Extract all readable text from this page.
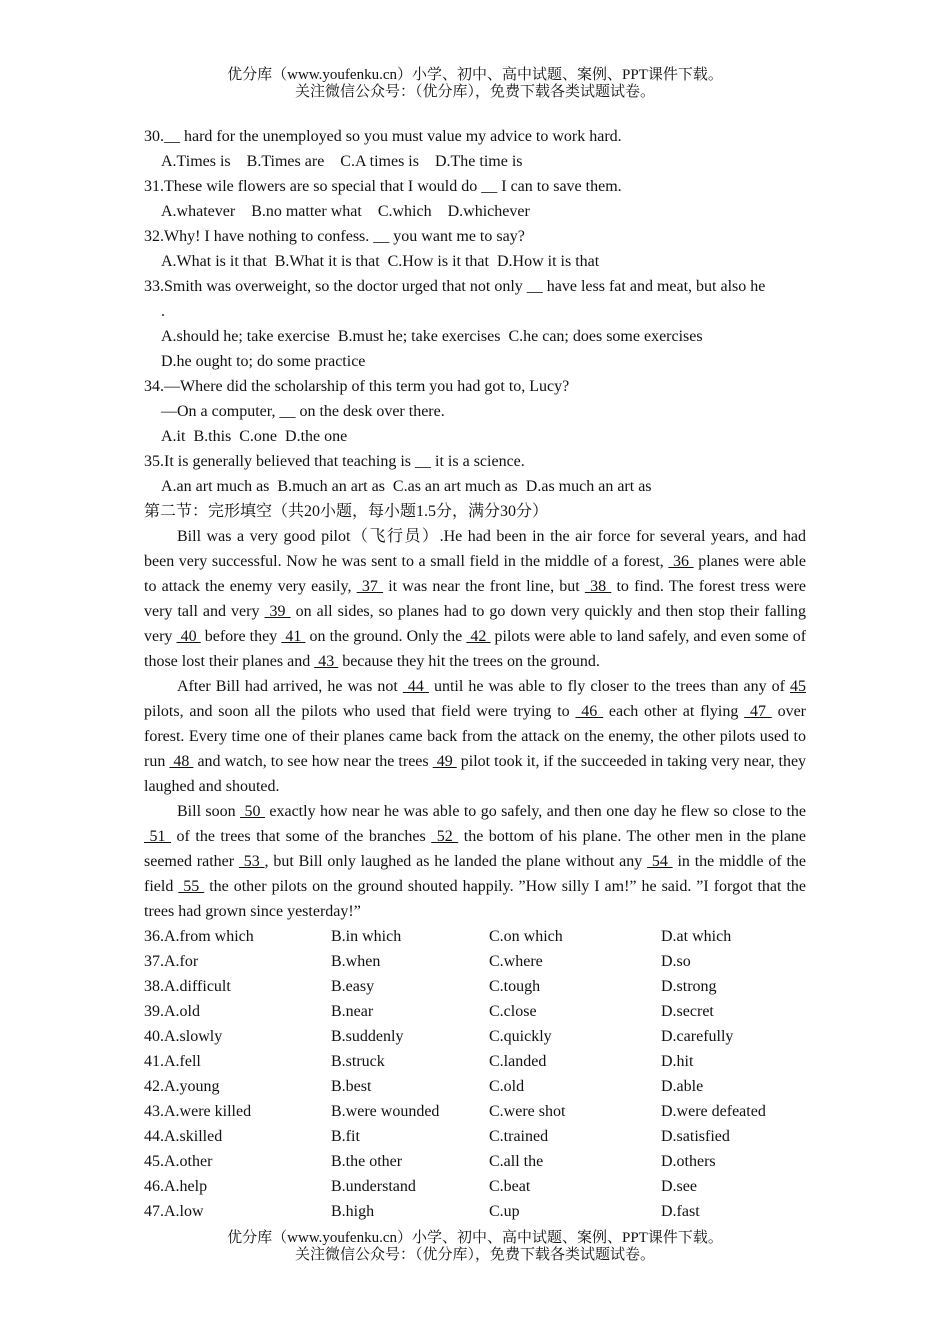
优分库（www.youfenku.cn）小学、初中、高中试题、案例、PPT课件下载。
关注微信公众号：（优分库），免费下载各类试题试卷。
30.__ hard for the unemployed so you must value my advice to work hard.
A.Times is    B.Times are    C.A times is    D.The time is
31.These wile flowers are so special that I would do __ I can to save them.
A.whatever    B.no matter what    C.which    D.whichever
32.Why! I have nothing to confess. __ you want me to say?
A.What is it that  B.What it is that  C.How is it that  D.How it is that
33.Smith was overweight, so the doctor urged that not only __ have less fat and meat, but also he
.
A.should he; take exercise  B.must he; take exercises  C.he can; does some exercises
D.he ought to; do some practice
34.—Where did the scholarship of this term you had got to, Lucy?
—On a computer, __ on the desk over there.
A.it  B.this  C.one  D.the one
35.It is generally believed that teaching is __ it is a science.
A.an art much as  B.much an art as  C.as an art much as  D.as much an art as
第二节：完形填空（共20小题，每小题1.5分，满分30分）

Bill was a very good pilot（飞行员）.He had been in the air force for several years, and had been very successful. Now he was sent to a small field in the middle of a forest,  36  planes were able to attack the enemy very easily,  37  it was near the front line, but  38  to find. The forest tress were very tall and very  39  on all sides, so planes had to go down very quickly and then stop their falling very  40  before they  41  on the ground. Only the  42  pilots were able to land safely, and even some of those lost their planes and  43  because they hit the trees on the ground.

After Bill had arrived, he was not  44  until he was able to fly closer to the trees than any of 45 pilots, and soon all the pilots who used that field were trying to  46  each other at flying  47  over forest. Every time one of their planes came back from the attack on the enemy, the other pilots used to run  48  and watch, to see how near the trees  49  pilot took it, if the succeeded in taking very near, they laughed and shouted.

Bill soon  50  exactly how near he was able to go safely, and then one day he flew so close to the  51  of the trees that some of the branches  52  the bottom of his plane. The other men in the plane seemed rather  53 , but Bill only laughed as he landed the plane without any  54  in the middle of the field  55  the other pilots on the ground shouted happily. ”How silly I am!” he said. ”I forgot that the trees had grown since yesterday!”

36.A.from which	B.in which	C.on which	D.at which
37.A.for	B.when	C.where	D.so
38.A.difficult	B.easy	C.tough	D.strong
39.A.old	B.near	C.close	D.secret
40.A.slowly	B.suddenly	C.quickly	D.carefully
41.A.fell	B.struck	C.landed	D.hit
42.A.young	B.best	C.old	D.able
43.A.were killed	B.were wounded	C.were shot	D.were defeated
44.A.skilled	B.fit	C.trained	D.satisfied
45.A.other	B.the other	C.all the	D.others
46.A.help	B.understand	C.beat	D.see
47.A.low	B.high	C.up	D.fast
优分库（www.youfenku.cn）小学、初中、高中试题、案例、PPT课件下载。
关注微信公众号：（优分库），免费下载各类试题试卷。
